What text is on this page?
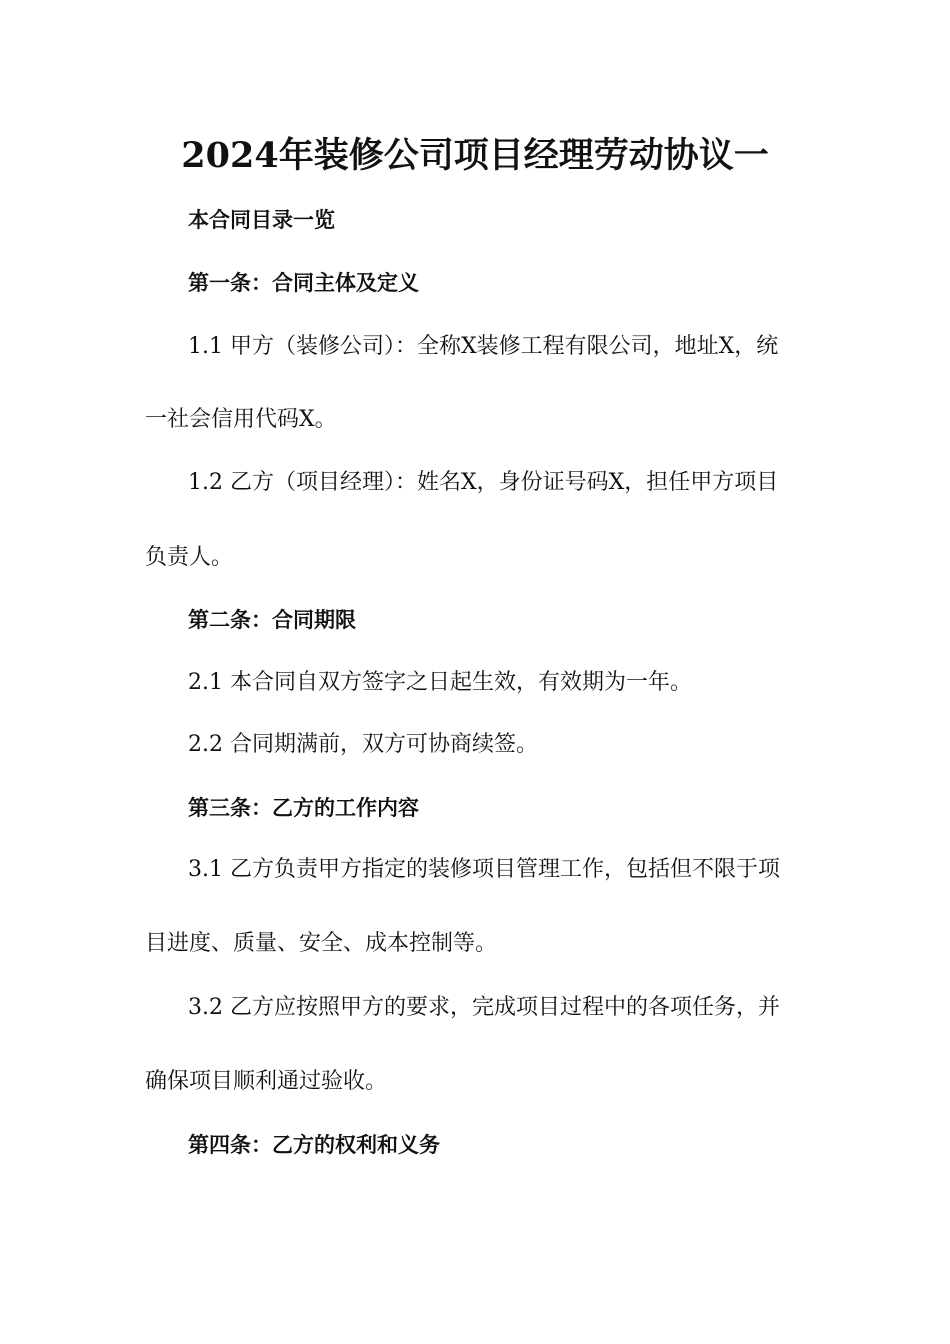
2024年装修公司项目经理劳动协议一
本合同目录一览
第一条：合同主体及定义
1.1 甲方（装修公司）：全称X装修工程有限公司，地址X，统
一社会信用代码X。
1.2 乙方（项目经理）：姓名X，身份证号码X，担任甲方项目
负责人。
第二条：合同期限
2.1 本合同自双方签字之日起生效，有效期为一年。
2.2 合同期满前，双方可协商续签。
第三条：乙方的工作内容
3.1 乙方负责甲方指定的装修项目管理工作，包括但不限于项
目进度、质量、安全、成本控制等。
3.2 乙方应按照甲方的要求，完成项目过程中的各项任务，并
确保项目顺利通过验收。
第四条：乙方的权利和义务
